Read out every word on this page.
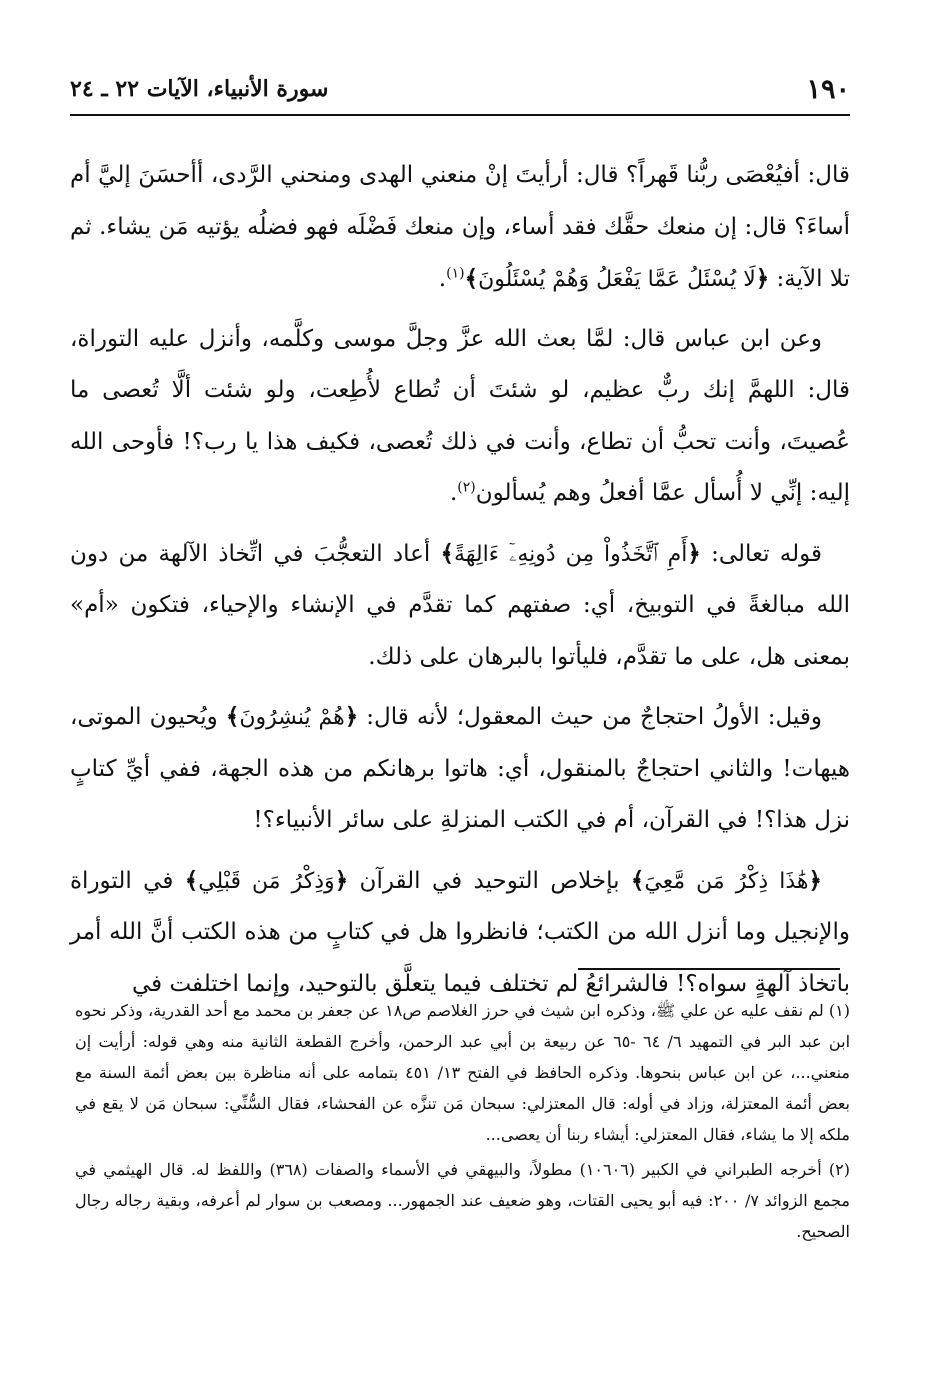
١٩٠
سورة الأنبياء، الآيات ٢٢ ـ ٢٤

قال: أفيُعْصَى ربُّنا قَهراً؟ قال: أرأيتَ إنْ منعني الهدى ومنحني الرَّدى، أأحسَنَ إليَّ أم أساءَ؟ قال: إن منعك حقَّك فقد أساء، وإن منعك فَضْلَه فهو فضلُه يؤتيه مَن يشاء. ثم تلا الآية: ﴿لَا يُسْئَلُ عَمَّا يَفْعَلُ وَهُمْ يُسْئَلُونَ﴾$^{(١)}$.

وعن ابن عباس قال: لمَّا بعث الله عزَّ وجلَّ موسى وكلَّمه، وأنزل عليه التوراة، قال: اللهمَّ إنك ربٌّ عظيم، لو شئتَ أن تُطاع لأُطِعت، ولو شئت ألَّا تُعصى ما عُصيتَ، وأنت تحبُّ أن تطاع، وأنت في ذلك تُعصى، فكيف هذا يا رب؟! فأوحى الله إليه: إنِّي لا أُسأل عمَّا أفعلُ وهم يُسألون$^{(٢)}$.

قوله تعالى: ﴿أَمِ ٱتَّخَذُواْ مِن دُونِهِۦٓ ءَالِهَةً﴾ أعاد التعجُّبَ في اتِّخاذ الآلهة من دون الله مبالغةً في التوبيخ، أي: صفتهم كما تقدَّم في الإنشاء والإحياء، فتكون «أم» بمعنى هل، على ما تقدَّم، فليأتوا بالبرهان على ذلك.

وقيل: الأولُ احتجاجٌ من حيث المعقول؛ لأنه قال: ﴿هُمْ يُنشِرُونَ﴾ ويُحيون الموتى، هيهات! والثاني احتجاجٌ بالمنقول، أي: هاتوا برهانكم من هذه الجهة، ففي أيِّ كتابٍ نزل هذا؟! في القرآن، أم في الكتب المنزلةِ على سائر الأنبياء؟!

﴿هَٰذَا ذِكْرُ مَن مَّعِيَ﴾ بإخلاص التوحيد في القرآن ﴿وَذِكْرُ مَن قَبْلِي﴾ في التوراة والإنجيل وما أنزل الله من الكتب؛ فانظروا هل في كتابٍ من هذه الكتب أنَّ الله أمر باتخاذ آلهةٍ سواه؟! فالشرائعُ لم تختلف فيما يتعلَّق بالتوحيد، وإنما اختلفت في

(١) لم نقف عليه عن علي ﷺ، وذكره ابن شيث في حرز الغلاصم ص١٨ عن جعفر بن محمد مع أحد القدرية، وذكر نحوه ابن عبد البر في التمهيد ٦/ ٦٤ -٦٥ عن ربيعة بن أبي عبد الرحمن، وأخرج القطعة الثانية منه وهي قوله: أرأيت إن منعني...، عن ابن عباس بنحوها. وذكره الحافظ في الفتح ١٣/ ٤٥١ بتمامه على أنه مناظرة بين بعض أئمة السنة مع بعض أئمة المعتزلة، وزاد في أوله: قال المعتزلي: سبحان مَن تنزَّه عن الفحشاء، فقال السُّنِّي: سبحان مَن لا يقع في ملكه إلا ما يشاء، فقال المعتزلي: أيشاء ربنا أن يعصى...

(٢) أخرجه الطبراني في الكبير (١٠٦٠٦) مطولاً، والبيهقي في الأسماء والصفات (٣٦٨) واللفظ له. قال الهيثمي في مجمع الزوائد ٧/ ٢٠٠: فيه أبو يحيى القتات، وهو ضعيف عند الجمهور... ومصعب بن سوار لم أعرفه، وبقية رجاله رجال الصحيح.
